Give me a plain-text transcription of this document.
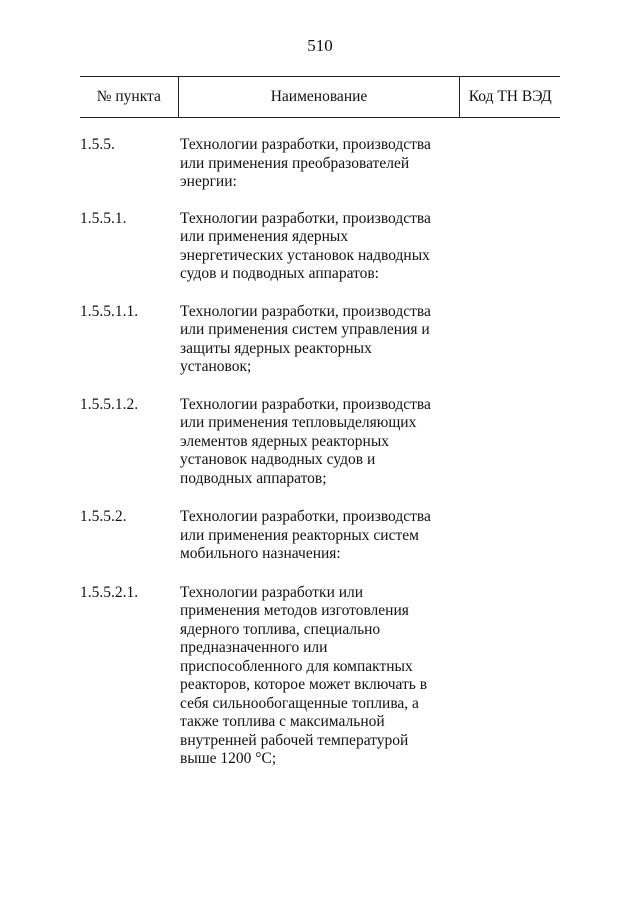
510
№ пункта	Наименование	Код ТН ВЭД
1.5.5.	Технологии разработки, производства
или применения преобразователей
энергии:
1.5.5.1.	Технологии разработки, производства
или применения ядерных
энергетических установок надводных
судов и подводных аппаратов:
1.5.5.1.1.	Технологии разработки, производства
или применения систем управления и
защиты ядерных реакторных
установок;
1.5.5.1.2.	Технологии разработки, производства
или применения тепловыделяющих
элементов ядерных реакторных
установок надводных судов и
подводных аппаратов;
1.5.5.2.	Технологии разработки, производства
или применения реакторных систем
мобильного назначения:
1.5.5.2.1.	Технологии разработки или
применения методов изготовления
ядерного топлива, специально
предназначенного или
приспособленного для компактных
реакторов, которое может включать в
себя сильнообогащенные топлива, а
также топлива с максимальной
внутренней рабочей температурой
выше 1200 °С;
